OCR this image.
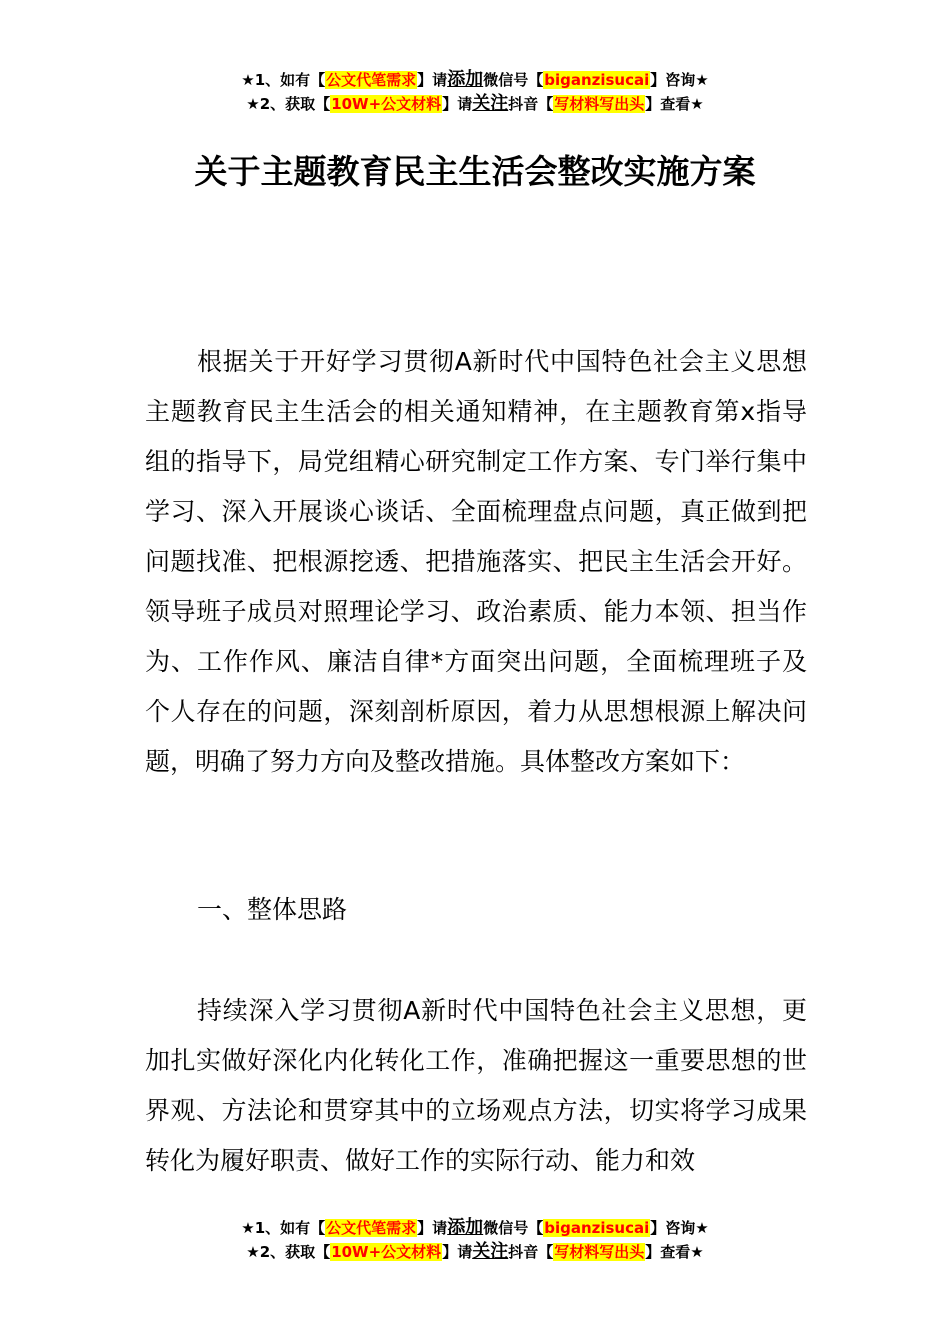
★1、如有【公文代笔需求】请添加微信号【biganzisucai】咨询★
★2、获取【10W+公文材料】请关注抖音【写材料写出头】查看★
关于主题教育民主生活会整改实施方案

根据关于开好学习贯彻A新时代中国特色社会主义思想主题教育民主生活会的相关通知精神，在主题教育第x指导组的指导下，局党组精心研究制定工作方案、专门举行集中学习、深入开展谈心谈话、全面梳理盘点问题，真正做到把问题找准、把根源挖透、把措施落实、把民主生活会开好。领导班子成员对照理论学习、政治素质、能力本领、担当作为、工作作风、廉洁自律*方面突出问题，全面梳理班子及个人存在的问题，深刻剖析原因，着力从思想根源上解决问题，明确了努力方向及整改措施。具体整改方案如下：

一、整体思路

持续深入学习贯彻A新时代中国特色社会主义思想，更加扎实做好深化内化转化工作，准确把握这一重要思想的世界观、方法论和贯穿其中的立场观点方法，切实将学习成果转化为履好职责、做好工作的实际行动、能力和效

★1、如有【公文代笔需求】请添加微信号【biganzisucai】咨询★
★2、获取【10W+公文材料】请关注抖音【写材料写出头】查看★
